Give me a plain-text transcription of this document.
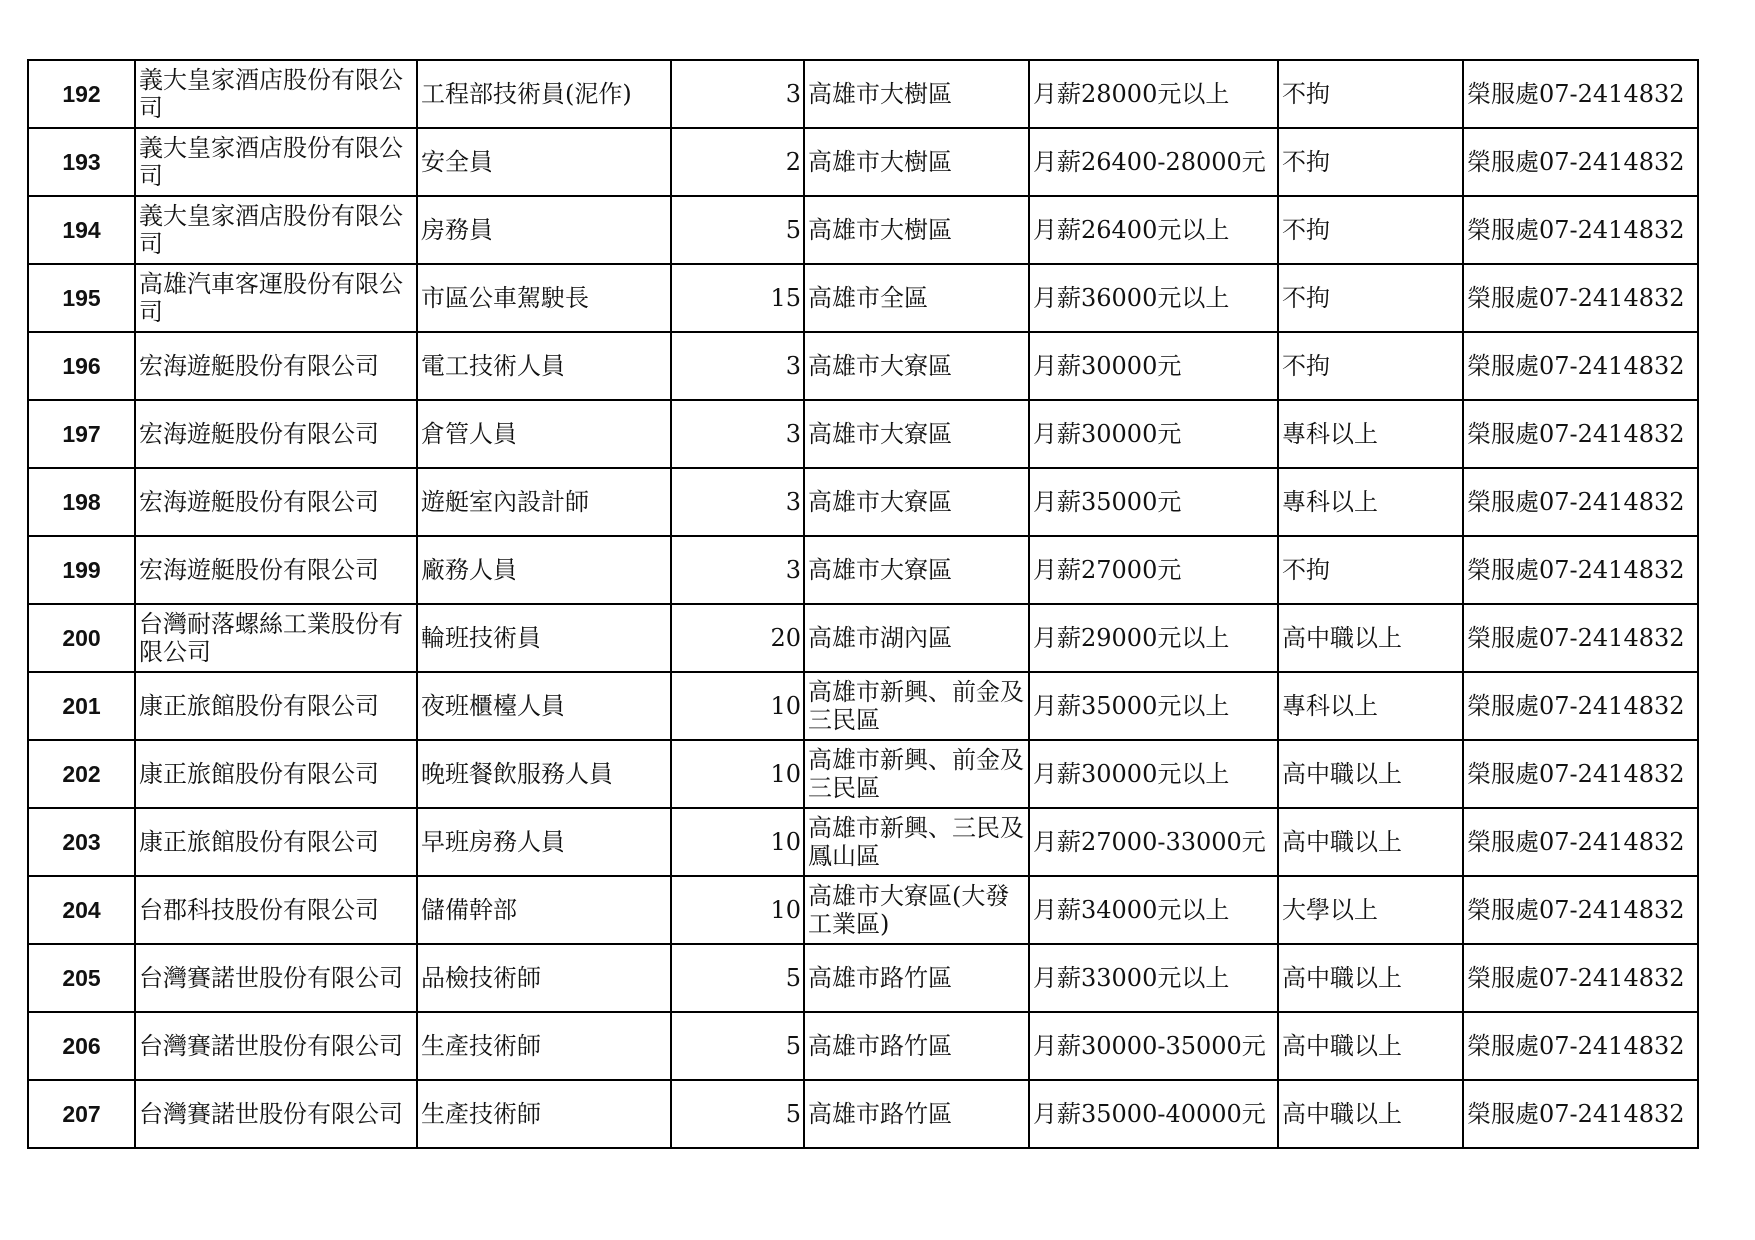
192	義大皇家酒店股份有限公司	工程部技術員(泥作)	3	高雄市大樹區	月薪28000元以上	不拘	榮服處07-2414832
193	義大皇家酒店股份有限公司	安全員	2	高雄市大樹區	月薪26400-28000元	不拘	榮服處07-2414832
194	義大皇家酒店股份有限公司	房務員	5	高雄市大樹區	月薪26400元以上	不拘	榮服處07-2414832
195	高雄汽車客運股份有限公司	市區公車駕駛長	15	高雄市全區	月薪36000元以上	不拘	榮服處07-2414832
196	宏海遊艇股份有限公司	電工技術人員	3	高雄市大寮區	月薪30000元	不拘	榮服處07-2414832
197	宏海遊艇股份有限公司	倉管人員	3	高雄市大寮區	月薪30000元	專科以上	榮服處07-2414832
198	宏海遊艇股份有限公司	遊艇室內設計師	3	高雄市大寮區	月薪35000元	專科以上	榮服處07-2414832
199	宏海遊艇股份有限公司	廠務人員	3	高雄市大寮區	月薪27000元	不拘	榮服處07-2414832
200	台灣耐落螺絲工業股份有限公司	輪班技術員	20	高雄市湖內區	月薪29000元以上	高中職以上	榮服處07-2414832
201	康正旅館股份有限公司	夜班櫃檯人員	10	高雄市新興、前金及三民區	月薪35000元以上	專科以上	榮服處07-2414832
202	康正旅館股份有限公司	晚班餐飲服務人員	10	高雄市新興、前金及三民區	月薪30000元以上	高中職以上	榮服處07-2414832
203	康正旅館股份有限公司	早班房務人員	10	高雄市新興、三民及鳳山區	月薪27000-33000元	高中職以上	榮服處07-2414832
204	台郡科技股份有限公司	儲備幹部	10	高雄市大寮區(大發工業區)	月薪34000元以上	大學以上	榮服處07-2414832
205	台灣賽諾世股份有限公司	品檢技術師	5	高雄市路竹區	月薪33000元以上	高中職以上	榮服處07-2414832
206	台灣賽諾世股份有限公司	生產技術師	5	高雄市路竹區	月薪30000-35000元	高中職以上	榮服處07-2414832
207	台灣賽諾世股份有限公司	生產技術師	5	高雄市路竹區	月薪35000-40000元	高中職以上	榮服處07-2414832
